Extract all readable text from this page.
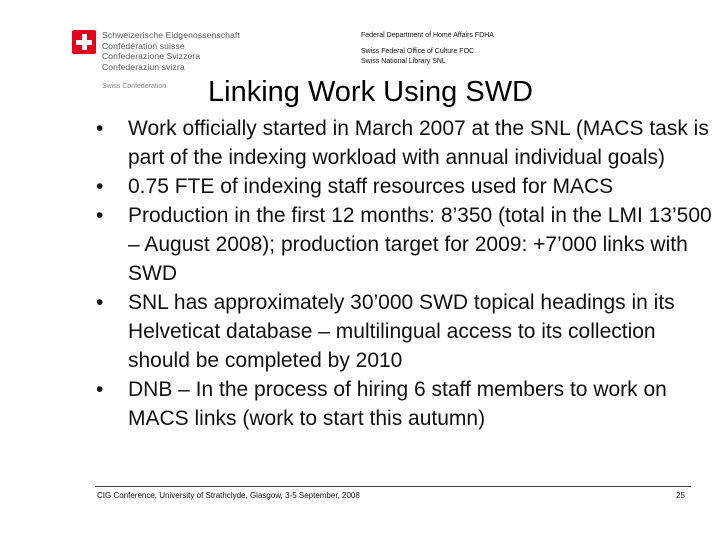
Schweizerische Eidgenossenschaft
Confédération suisse
Confederazione Svizzera
Confederaziun svizra
Swiss Confederation
Federal Department of Home Affairs FDHA
Swiss Federal Office of Culture FOC
Swiss National Library SNL
Linking Work Using SWD
• Work officially started in March 2007 at the SNL (MACS task is part of the indexing workload with annual individual goals)
• 0.75 FTE of indexing staff resources used for MACS
• Production in the first 12 months: 8’350 (total in the LMI 13’500 – August 2008); production target for 2009: +7’000 links with SWD
• SNL has approximately 30’000 SWD topical headings in its Helveticat database – multilingual access to its collection should be completed by 2010
• DNB – In the process of hiring 6 staff members to work on MACS links (work to start this autumn)
CIG Conference, University of Strathclyde, Glasgow, 3-5 September, 2008	25
